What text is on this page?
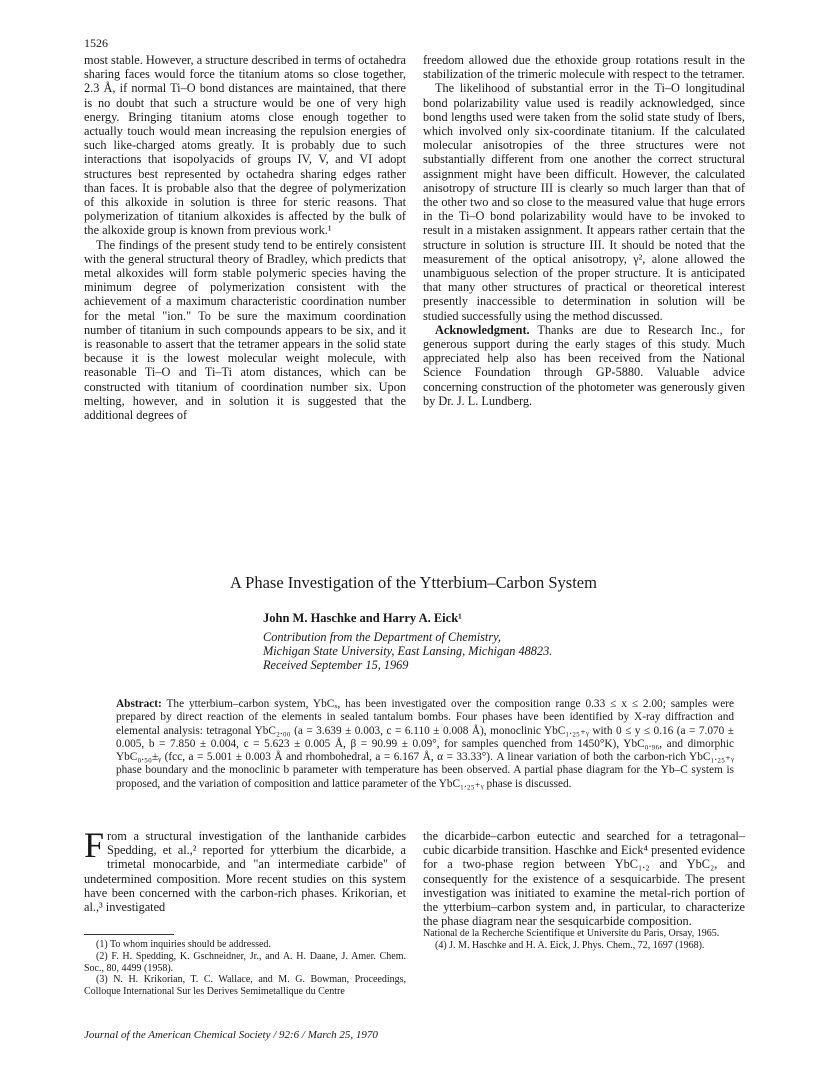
1526

most stable. However, a structure described in terms of octahedra sharing faces would force the titanium atoms so close together, 2.3 Å, if normal Ti–O bond distances are maintained, that there is no doubt that such a structure would be one of very high energy. Bringing titanium atoms close enough together to actually touch would mean increasing the repulsion energies of such like-charged atoms greatly. It is probably due to such interactions that isopolyacids of groups IV, V, and VI adopt structures best represented by octahedra sharing edges rather than faces. It is probable also that the degree of polymerization of this alkoxide in solution is three for steric reasons. That polymerization of titanium alkoxides is affected by the bulk of the alkoxide group is known from previous work.¹

The findings of the present study tend to be entirely consistent with the general structural theory of Bradley, which predicts that metal alkoxides will form stable polymeric species having the minimum degree of polymerization consistent with the achievement of a maximum characteristic coordination number for the metal "ion." To be sure the maximum coordination number of titanium in such compounds appears to be six, and it is reasonable to assert that the tetramer appears in the solid state because it is the lowest molecular weight molecule, with reasonable Ti–O and Ti–Ti atom distances, which can be constructed with titanium of coordination number six. Upon melting, however, and in solution it is suggested that the additional degrees of

freedom allowed due the ethoxide group rotations result in the stabilization of the trimeric molecule with respect to the tetramer.

The likelihood of substantial error in the Ti–O longitudinal bond polarizability value used is readily acknowledged, since bond lengths used were taken from the solid state study of Ibers, which involved only six-coordinate titanium. If the calculated molecular anisotropies of the three structures were not substantially different from one another the correct structural assignment might have been difficult. However, the calculated anisotropy of structure III is clearly so much larger than that of the other two and so close to the measured value that huge errors in the Ti–O bond polarizability would have to be invoked to result in a mistaken assignment. It appears rather certain that the structure in solution is structure III. It should be noted that the measurement of the optical anisotropy, γ², alone allowed the unambiguous selection of the proper structure. It is anticipated that many other structures of practical or theoretical interest presently inaccessible to determination in solution will be studied successfully using the method discussed.

Acknowledgment. Thanks are due to Research Inc., for generous support during the early stages of this study. Much appreciated help also has been received from the National Science Foundation through GP-5880. Valuable advice concerning construction of the photometer was generously given by Dr. J. L. Lundberg.

A Phase Investigation of the Ytterbium–Carbon System
John M. Haschke and Harry A. Eick¹
Contribution from the Department of Chemistry,
Michigan State University, East Lansing, Michigan 48823.
Received September 15, 1969
Abstract: The ytterbium–carbon system, YbCₓ, has been investigated over the composition range 0.33 ≤ x ≤ 2.00; samples were prepared by direct reaction of the elements in sealed tantalum bombs. Four phases have been identified by X-ray diffraction and elemental analysis: tetragonal YbC₂.₀₀ (a = 3.639 ± 0.003, c = 6.110 ± 0.008 Å), monoclinic YbC₁.₂₅₊ᵧ with 0 ≤ y ≤ 0.16 (a = 7.070 ± 0.005, b = 7.850 ± 0.004, c = 5.623 ± 0.005 Å, β = 90.99 ± 0.09°, for samples quenched from 1450°K), YbC₀.₉₆, and dimorphic YbC₀.₅₀±ᵧ (fcc, a = 5.001 ± 0.003 Å and rhombohedral, a = 6.167 Å, α = 33.33°). A linear variation of both the carbon-rich YbC₁.₂₅₊ᵧ phase boundary and the monoclinic b parameter with temperature has been observed. A partial phase diagram for the Yb–C system is proposed, and the variation of composition and lattice parameter of the YbC₁.₂₅₊ᵧ phase is discussed.

From a structural investigation of the lanthanide carbides Spedding, et al.,² reported for ytterbium the dicarbide, a trimetal monocarbide, and "an intermediate carbide" of undetermined composition. More recent studies on this system have been concerned with the carbon-rich phases. Krikorian, et al.,³ investigated

the dicarbide–carbon eutectic and searched for a tetragonal–cubic dicarbide transition. Haschke and Eick⁴ presented evidence for a two-phase region between YbC₁.₂ and YbC₂, and consequently for the existence of a sesquicarbide. The present investigation was initiated to examine the metal-rich portion of the ytterbium–carbon system and, in particular, to characterize the phase diagram near the sesquicarbide composition.

(1) To whom inquiries should be addressed.

(2) F. H. Spedding, K. Gschneidner, Jr., and A. H. Daane, J. Amer. Chem. Soc., 80, 4499 (1958).

(3) N. H. Krikorian, T. C. Wallace, and M. G. Bowman, Proceedings, Colloque International Sur les Derives Semimetallique du Centre

National de la Recherche Scientifique et Universite du Paris, Orsay, 1965.

(4) J. M. Haschke and H. A. Eick, J. Phys. Chem., 72, 1697 (1968).

Journal of the American Chemical Society / 92:6 / March 25, 1970
